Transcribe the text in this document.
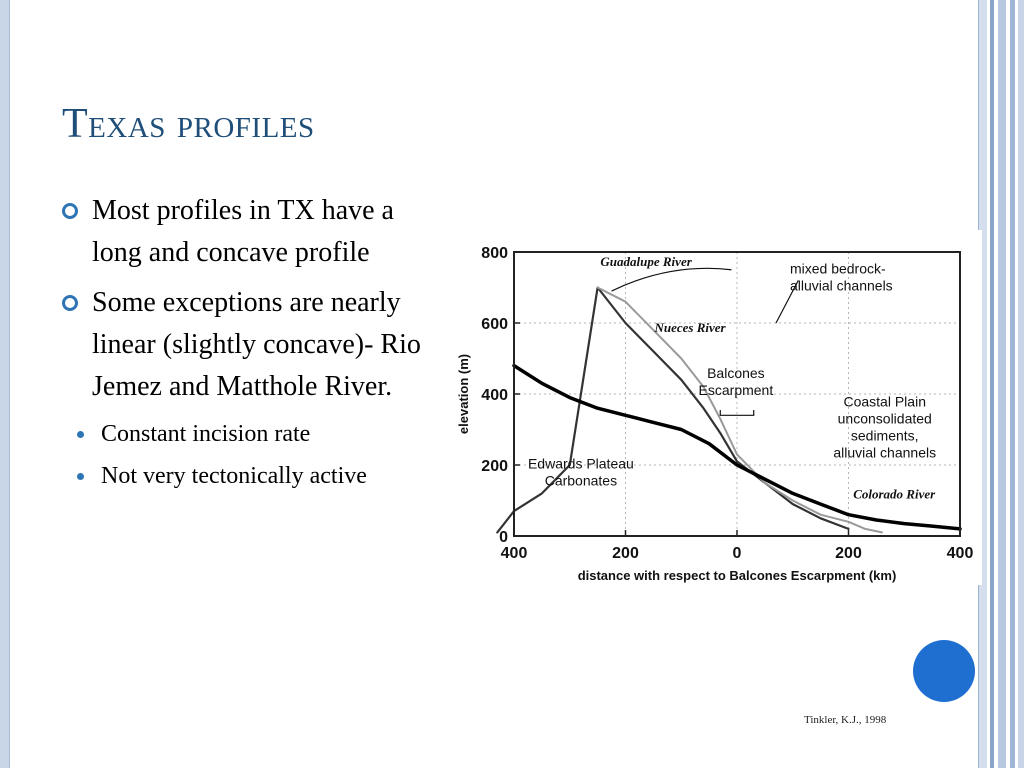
Texas profiles
Most profiles in TX have a long and concave profile
Some exceptions are nearly linear (slightly concave)- Rio Jemez and Matthole River.
Constant incision rate
Not very tectonically active
400	200	0	200	400
0
200
400
600
800	Guadalupe River
Nueces River
mixed bedrock-alluvial channels
Balcones Escarpment
Coastal Plain unconsolidated sediments, alluvial channels
Colorado River
Edwards Plateau Carbonates
distance with respect to Balcones Escarpment (km)
elevation (m)
Tinkler, K.J., 1998
